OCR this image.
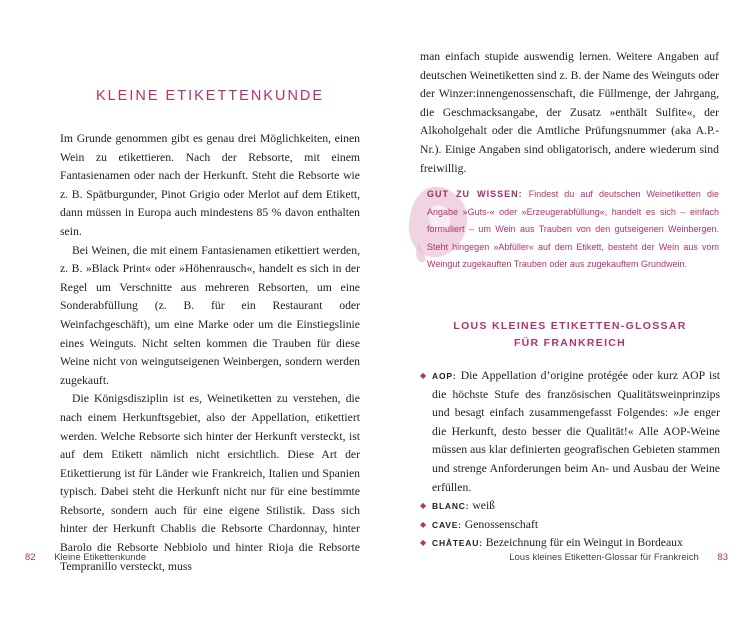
KLEINE ETIKETTENKUNDE

Im Grunde genommen gibt es genau drei Möglichkeiten, einen Wein zu etikettieren. Nach der Rebsorte, mit einem Fantasienamen oder nach der Herkunft. Steht die Rebsorte wie z. B. Spätburgunder, Pinot Grigio oder Merlot auf dem Etikett, dann müssen in Europa auch mindestens 85 % davon enthalten sein.

Bei Weinen, die mit einem Fantasienamen etikettiert werden, z. B. »Black Print« oder »Höhenrausch«, handelt es sich in der Regel um Verschnitte aus mehreren Rebsorten, um eine Sonderabfüllung (z. B. für ein Restaurant oder Weinfachgeschäft), um eine Marke oder um die Einstiegslinie eines Weinguts. Nicht selten kommen die Trauben für diese Weine nicht von weingutseigenen Weinbergen, sondern werden zugekauft.

Die Königsdisziplin ist es, Weinetiketten zu verstehen, die nach einem Herkunftsgebiet, also der Appellation, etikettiert werden. Welche Rebsorte sich hinter der Herkunft versteckt, ist auf dem Etikett nämlich nicht ersichtlich. Diese Art der Etikettierung ist für Länder wie Frankreich, Italien und Spanien typisch. Dabei steht die Herkunft nicht nur für eine bestimmte Rebsorte, sondern auch für eine eigene Stilistik. Dass sich hinter der Herkunft Chablis die Rebsorte Chardonnay, hinter Barolo die Rebsorte Nebbiolo und hinter Rioja die Rebsorte Tempranillo versteckt, muss

82 Kleine Etikettenkunde

man einfach stupide auswendig lernen. Weitere Angaben auf deutschen Weinetiketten sind z. B. der Name des Weinguts oder der Winzer:innengenossenschaft, die Füllmenge, der Jahrgang, die Geschmacksangabe, der Zusatz »enthält Sulfite«, der Alkoholgehalt oder die Amtliche Prüfungsnummer (aka A.P.-Nr.). Einige Angaben sind obligatorisch, andere wiederum sind freiwillig.

GUT ZU WISSEN: Findest du auf deutschen Weinetiketten die Angabe »Guts-« oder »Erzeugerabfüllung«, handelt es sich – einfach formuliert – um Wein aus Trauben von den gutseigenen Weinbergen. Steht hingegen »Abfüller« auf dem Etikett, besteht der Wein aus vom Weingut zugekauften Trauben oder aus zugekauftem Grundwein.
LOUS KLEINES ETIKETTEN-GLOSSAR
FÜR FRANKREICH
◆ AOP: Die Appellation d’origine protégée oder kurz AOP ist die höchste Stufe des französischen Qualitätsweinprinzips und besagt einfach zusammengefasst Folgendes: »Je enger die Herkunft, desto besser die Qualität!« Alle AOP-Weine müssen aus klar definierten geografischen Gebieten stammen und strenge Anforderungen beim An- und Ausbau der Weine erfüllen.
◆ BLANC: weiß
◆ CAVE: Genossenschaft
◆ CHÂTEAU: Bezeichnung für ein Weingut in Bordeaux
Lous kleines Etiketten-Glossar für Frankreich 83
